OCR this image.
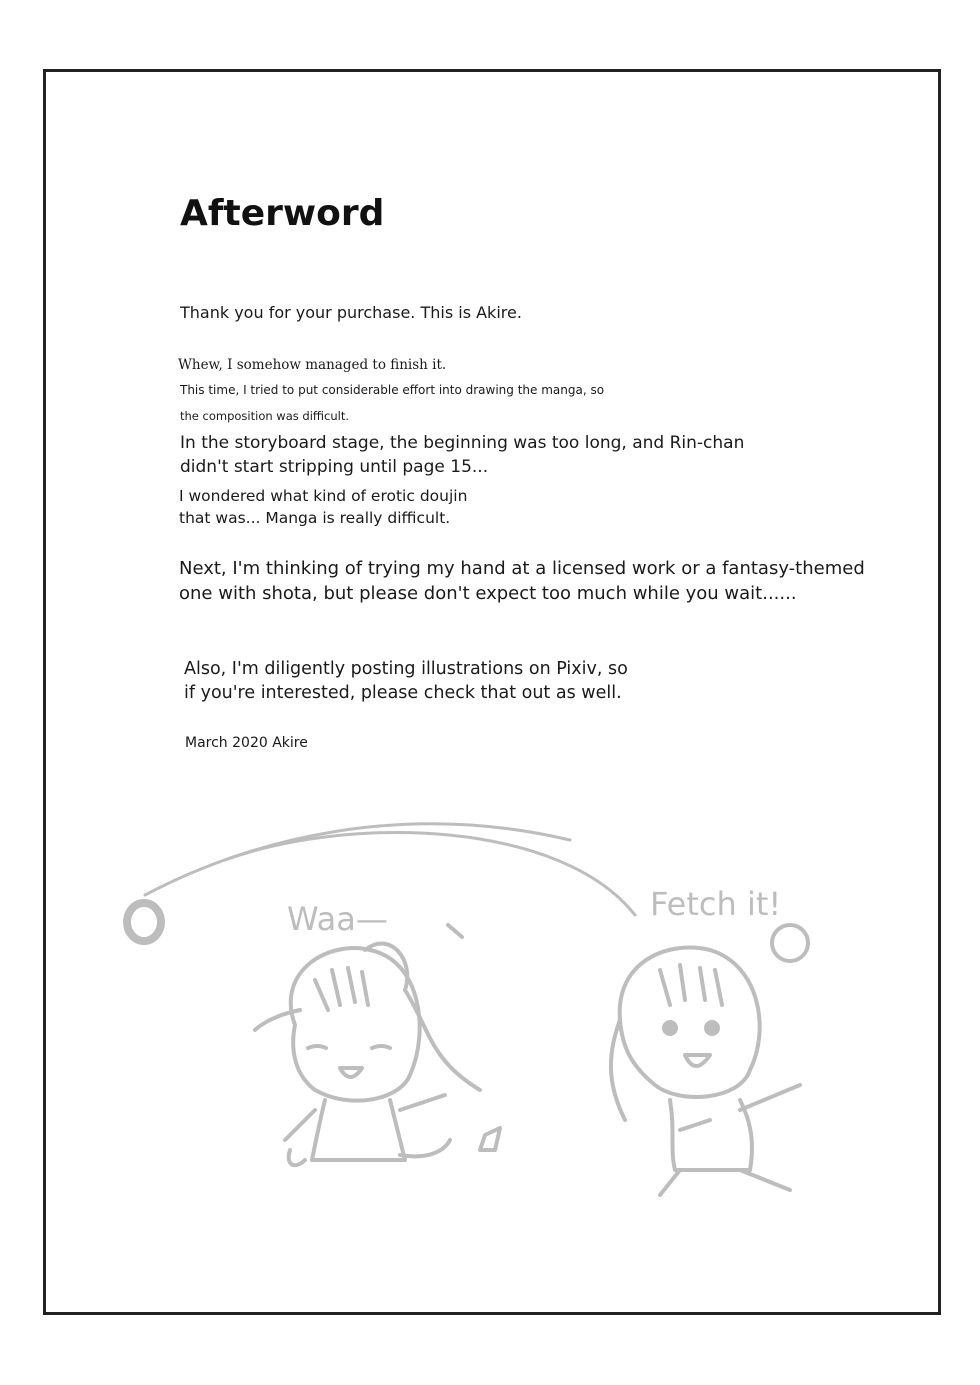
Afterword

Thank you for your purchase. This is Akire.

Whew, I somehow managed to finish it.

This time, I tried to put considerable effort into drawing the manga, so

the composition was difficult.

In the storyboard stage, the beginning was too long, and Rin-chan
didn't start stripping until page 15...

I wondered what kind of erotic doujin
that was... Manga is really difficult.

Next, I'm thinking of trying my hand at a licensed work or a fantasy-themed
one with shota, but please don't expect too much while you wait......

Also, I'm diligently posting illustrations on Pixiv, so
if you're interested, please check that out as well.

March 2020 Akire

Waa—	Fetch it!
